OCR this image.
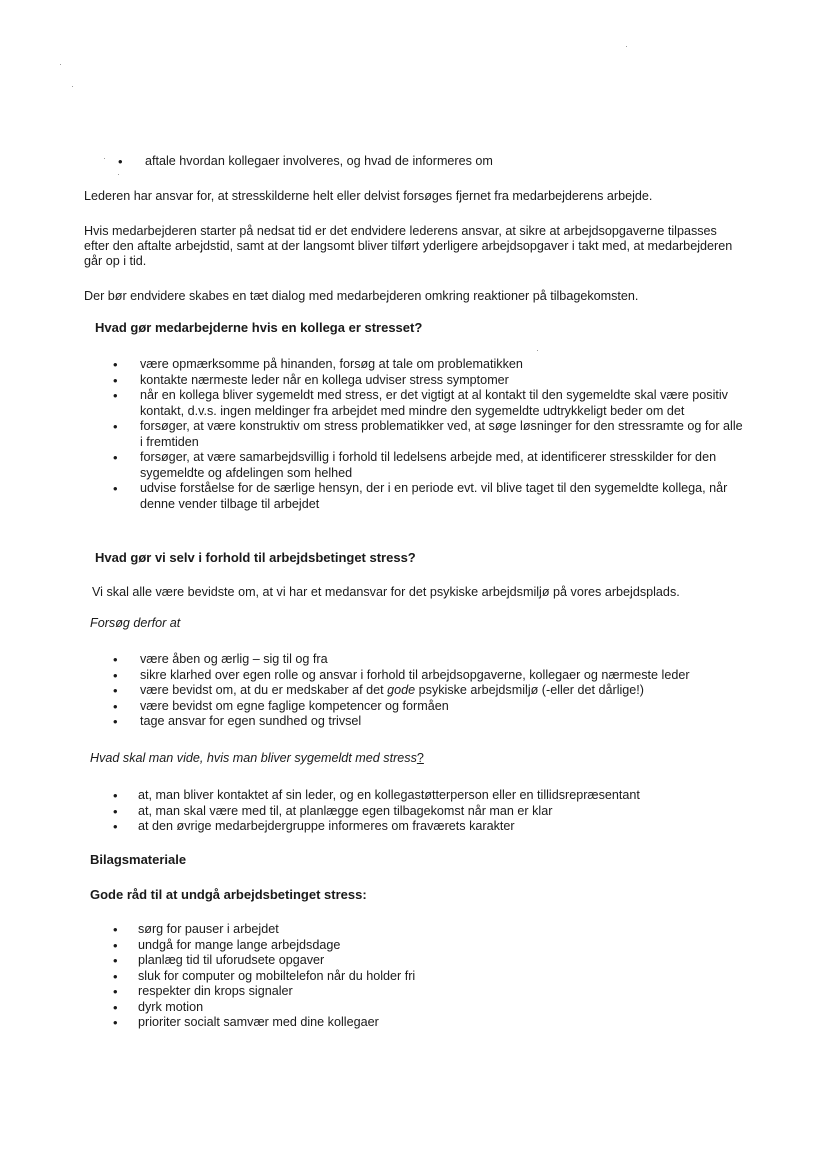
• aftale hvordan kollegaer involveres, og hvad de informeres om

Lederen har ansvar for, at stresskilderne helt eller delvist forsøges fjernet fra medarbejderens arbejde.

Hvis medarbejderen starter på nedsat tid er det endvidere lederens ansvar, at sikre at arbejdsopgaverne tilpasses efter den aftalte arbejdstid, samt at der langsomt bliver tilført yderligere arbejdsopgaver i takt med, at medarbejderen går op i tid.

Der bør endvidere skabes en tæt dialog med medarbejderen omkring reaktioner på tilbagekomsten.

Hvad gør medarbejderne hvis en kollega er stresset?
• være opmærksomme på hinanden, forsøg at tale om problematikken
• kontakte nærmeste leder når en kollega udviser stress symptomer
• når en kollega bliver sygemeldt med stress, er det vigtigt at al kontakt til den sygemeldte skal være positiv kontakt, d.v.s. ingen meldinger fra arbejdet med mindre den sygemeldte udtrykkeligt beder om det
• forsøger, at være konstruktiv om stress problematikker ved, at søge løsninger for den stressramte og for alle i fremtiden
• forsøger, at være samarbejdsvillig i forhold til ledelsens arbejde med, at identificerer stresskilder for den sygemeldte og afdelingen som helhed
• udvise forståelse for de særlige hensyn, der i en periode evt. vil blive taget til den sygemeldte kollega, når denne vender tilbage til arbejdet
Hvad gør vi selv i forhold til arbejdsbetinget stress?

Vi skal alle være bevidste om, at vi har et medansvar for det psykiske arbejdsmiljø på vores arbejdsplads.

Forsøg derfor at
• være åben og ærlig – sig til og fra
• sikre klarhed over egen rolle og ansvar i forhold til arbejdsopgaverne, kollegaer og nærmeste leder
• være bevidst om, at du er medskaber af det gode psykiske arbejdsmiljø (-eller det dårlige!)
• være bevidst om egne faglige kompetencer og formåen
• tage ansvar for egen sundhed og trivsel
Hvad skal man vide, hvis man bliver sygemeldt med stress?
• at, man bliver kontaktet af sin leder, og en kollegastøtterperson eller en tillidsrepræsentant
• at, man skal være med til, at planlægge egen tilbagekomst når man er klar
• at den øvrige medarbejdergruppe informeres om fraværets karakter
Bilagsmateriale
Gode råd til at undgå arbejdsbetinget stress:
• sørg for pauser i arbejdet
• undgå for mange lange arbejdsdage
• planlæg tid til uforudsete opgaver
• sluk for computer og mobiltelefon når du holder fri
• respekter din krops signaler
• dyrk motion
• prioriter socialt samvær med dine kollegaer
